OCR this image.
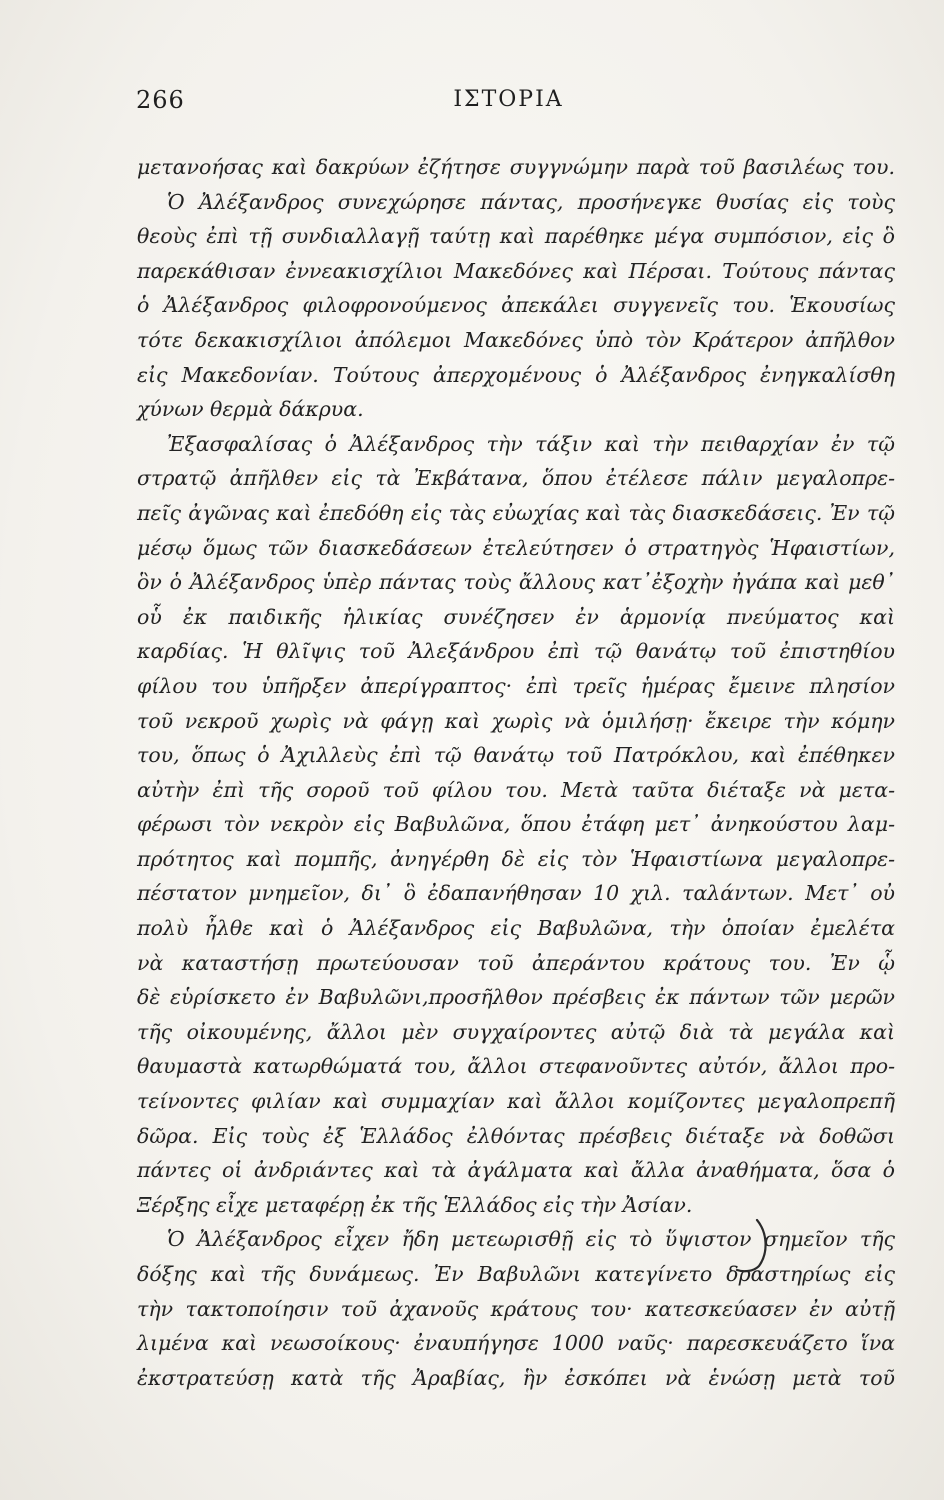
266	ΙΣΤΟΡΙΑ
μετανοήσας καὶ δακρύων ἐζήτησε συγγνώμην παρὰ τοῦ βασιλέως του.
Ὁ Ἀλέξανδρος συνεχώρησε πάντας, προσήνεγκε θυσίας εἰς τοὺς
θεοὺς ἐπὶ τῇ συνδιαλλαγῇ ταύτῃ καὶ παρέθηκε μέγα συμπόσιον, εἰς ὃ
παρεκάθισαν ἐννεακισχίλιοι Μακεδόνες καὶ Πέρσαι. Τούτους πάντας
ὁ Ἀλέξανδρος φιλοφρονούμενος ἀπεκάλει συγγενεῖς του. Ἑκουσίως
τότε δεκακισχίλιοι ἀπόλεμοι Μακεδόνες ὑπὸ τὸν Κράτερον ἀπῆλθον
εἰς Μακεδονίαν. Τούτους ἀπερχομένους ὁ Ἀλέξανδρος ἐνηγκαλίσθη
χύνων θερμὰ δάκρυα.
Ἐξασφαλίσας ὁ Ἀλέξανδρος τὴν τάξιν καὶ τὴν πειθαρχίαν ἐν τῷ
στρατῷ ἀπῆλθεν εἰς τὰ Ἐκβάτανα, ὅπου ἐτέλεσε πάλιν μεγαλοπρε-
πεῖς ἀγῶνας καὶ ἐπεδόθη εἰς τὰς εὐωχίας καὶ τὰς διασκεδάσεις. Ἐν τῷ
μέσῳ ὅμως τῶν διασκεδάσεων ἐτελεύτησεν ὁ στρατηγὸς Ἡφαιστίων,
ὃν ὁ Ἀλέξανδρος ὑπὲρ πάντας τοὺς ἄλλους κατ᾽ἐξοχὴν ἠγάπα καὶ μεθ᾽
οὗ ἐκ παιδικῆς ἡλικίας συνέζησεν ἐν ἁρμονίᾳ πνεύματος καὶ
καρδίας. Ἡ θλῖψις τοῦ Ἀλεξάνδρου ἐπὶ τῷ θανάτῳ τοῦ ἐπιστηθίου
φίλου του ὑπῆρξεν ἀπερίγραπτος· ἐπὶ τρεῖς ἡμέρας ἔμεινε πλησίον
τοῦ νεκροῦ χωρὶς νὰ φάγῃ καὶ χωρὶς νὰ ὁμιλήσῃ· ἔκειρε τὴν κόμην
του, ὅπως ὁ Ἀχιλλεὺς ἐπὶ τῷ θανάτῳ τοῦ Πατρόκλου, καὶ ἐπέθηκεν
αὐτὴν ἐπὶ τῆς σοροῦ τοῦ φίλου του. Μετὰ ταῦτα διέταξε νὰ μετα-
φέρωσι τὸν νεκρὸν εἰς Βαβυλῶνα, ὅπου ἐτάφη μετ᾽ ἀνηκούστου λαμ-
πρότητος καὶ πομπῆς, ἀνηγέρθη δὲ εἰς τὸν Ἡφαιστίωνα μεγαλοπρε-
πέστατον μνημεῖον, δι᾽ ὃ ἐδαπανήθησαν 10 χιλ. ταλάντων. Μετ᾽ οὐ
πολὺ ἦλθε καὶ ὁ Ἀλέξανδρος εἰς Βαβυλῶνα, τὴν ὁποίαν ἐμελέτα
νὰ καταστήσῃ πρωτεύουσαν τοῦ ἀπεράντου κράτους του. Ἐν ᾧ
δὲ εὑρίσκετο ἐν Βαβυλῶνι,προσῆλθον πρέσβεις ἐκ πάντων τῶν μερῶν
τῆς οἰκουμένης, ἄλλοι μὲν συγχαίροντες αὐτῷ διὰ τὰ μεγάλα καὶ
θαυμαστὰ κατωρθώματά του, ἄλλοι στεφανοῦντες αὐτόν, ἄλλοι προ-
τείνοντες φιλίαν καὶ συμμαχίαν καὶ ἄλλοι κομίζοντες μεγαλοπρεπῆ
δῶρα. Εἰς τοὺς ἐξ Ἑλλάδος ἐλθόντας πρέσβεις διέταξε νὰ δοθῶσι
πάντες οἱ ἀνδριάντες καὶ τὰ ἀγάλματα καὶ ἄλλα ἀναθήματα, ὅσα ὁ
Ξέρξης εἶχε μεταφέρῃ ἐκ τῆς Ἑλλάδος εἰς τὴν Ἀσίαν.
Ὁ Ἀλέξανδρος εἶχεν ἤδη μετεωρισθῇ εἰς τὸ ὕψιστον σημεῖον τῆς
δόξης καὶ τῆς δυνάμεως. Ἐν Βαβυλῶνι κατεγίνετο δραστηρίως εἰς
τὴν τακτοποίησιν τοῦ ἀχανοῦς κράτους του· κατεσκεύασεν ἐν αὐτῇ
λιμένα καὶ νεωσοίκους· ἐναυπήγησε 1000 ναῦς· παρεσκευάζετο ἵνα
ἐκστρατεύσῃ κατὰ τῆς Ἀραβίας, ἣν ἐσκόπει νὰ ἑνώσῃ μετὰ τοῦ
